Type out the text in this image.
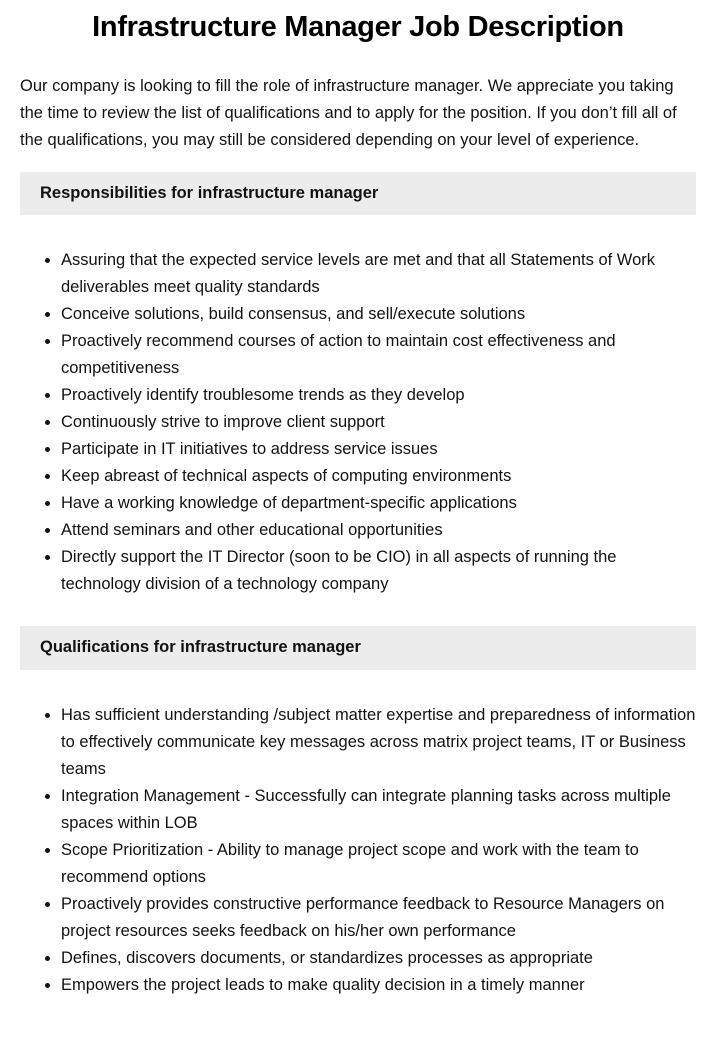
Infrastructure Manager Job Description

Our company is looking to fill the role of infrastructure manager. We appreciate you taking the time to review the list of qualifications and to apply for the position. If you don’t fill all of the qualifications, you may still be considered depending on your level of experience.

Responsibilities for infrastructure manager
• Assuring that the expected service levels are met and that all Statements of Work deliverables meet quality standards
• Conceive solutions, build consensus, and sell/execute solutions
• Proactively recommend courses of action to maintain cost effectiveness and competitiveness
• Proactively identify troublesome trends as they develop
• Continuously strive to improve client support
• Participate in IT initiatives to address service issues
• Keep abreast of technical aspects of computing environments
• Have a working knowledge of department-specific applications
• Attend seminars and other educational opportunities
• Directly support the IT Director (soon to be CIO) in all aspects of running the technology division of a technology company
Qualifications for infrastructure manager
• Has sufficient understanding /subject matter expertise and preparedness of information to effectively communicate key messages across matrix project teams, IT or Business teams
• Integration Management - Successfully can integrate planning tasks across multiple spaces within LOB
• Scope Prioritization - Ability to manage project scope and work with the team to recommend options
• Proactively provides constructive performance feedback to Resource Managers on project resources seeks feedback on his/her own performance
• Defines, discovers documents, or standardizes processes as appropriate
• Empowers the project leads to make quality decision in a timely manner
